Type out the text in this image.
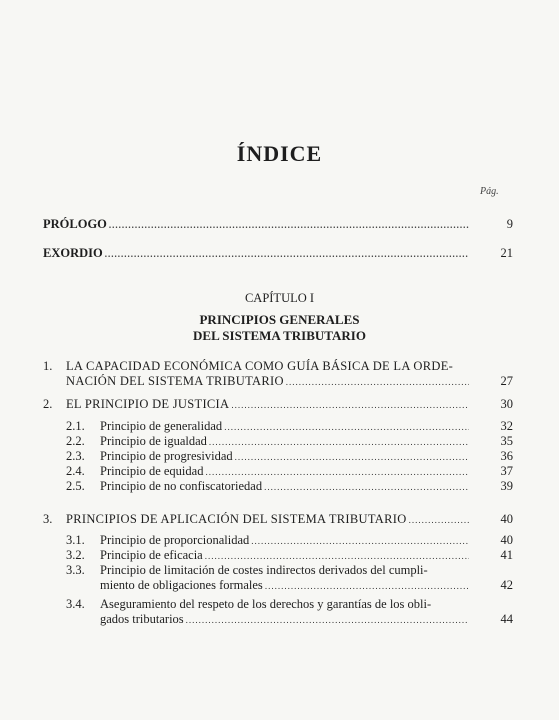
ÍNDICE
Pág.
PRÓLOGO .....	9
EXORDIO .....	21
CAPÍTULO I
PRINCIPIOS GENERALES
DEL SISTEMA TRIBUTARIO
1. LA CAPACIDAD ECONÓMICA COMO GUÍA BÁSICA DE LA ORDE-
NACIÓN DEL SISTEMA TRIBUTARIO .....	27
2. EL PRINCIPIO DE JUSTICIA .....	30
2.1. Principio de generalidad .....	32
2.2. Principio de igualdad .....	35
2.3. Principio de progresividad .....	36
2.4. Principio de equidad .....	37
2.5. Principio de no confiscatoriedad .....	39
3. PRINCIPIOS DE APLICACIÓN DEL SISTEMA TRIBUTARIO .....	40
3.1. Principio de proporcionalidad .....	40
3.2. Principio de eficacia .....	41
3.3. Principio de limitación de costes indirectos derivados del cumpli-
miento de obligaciones formales .....	42
3.4. Aseguramiento del respeto de los derechos y garantías de los obli-
gados tributarios .....	44
